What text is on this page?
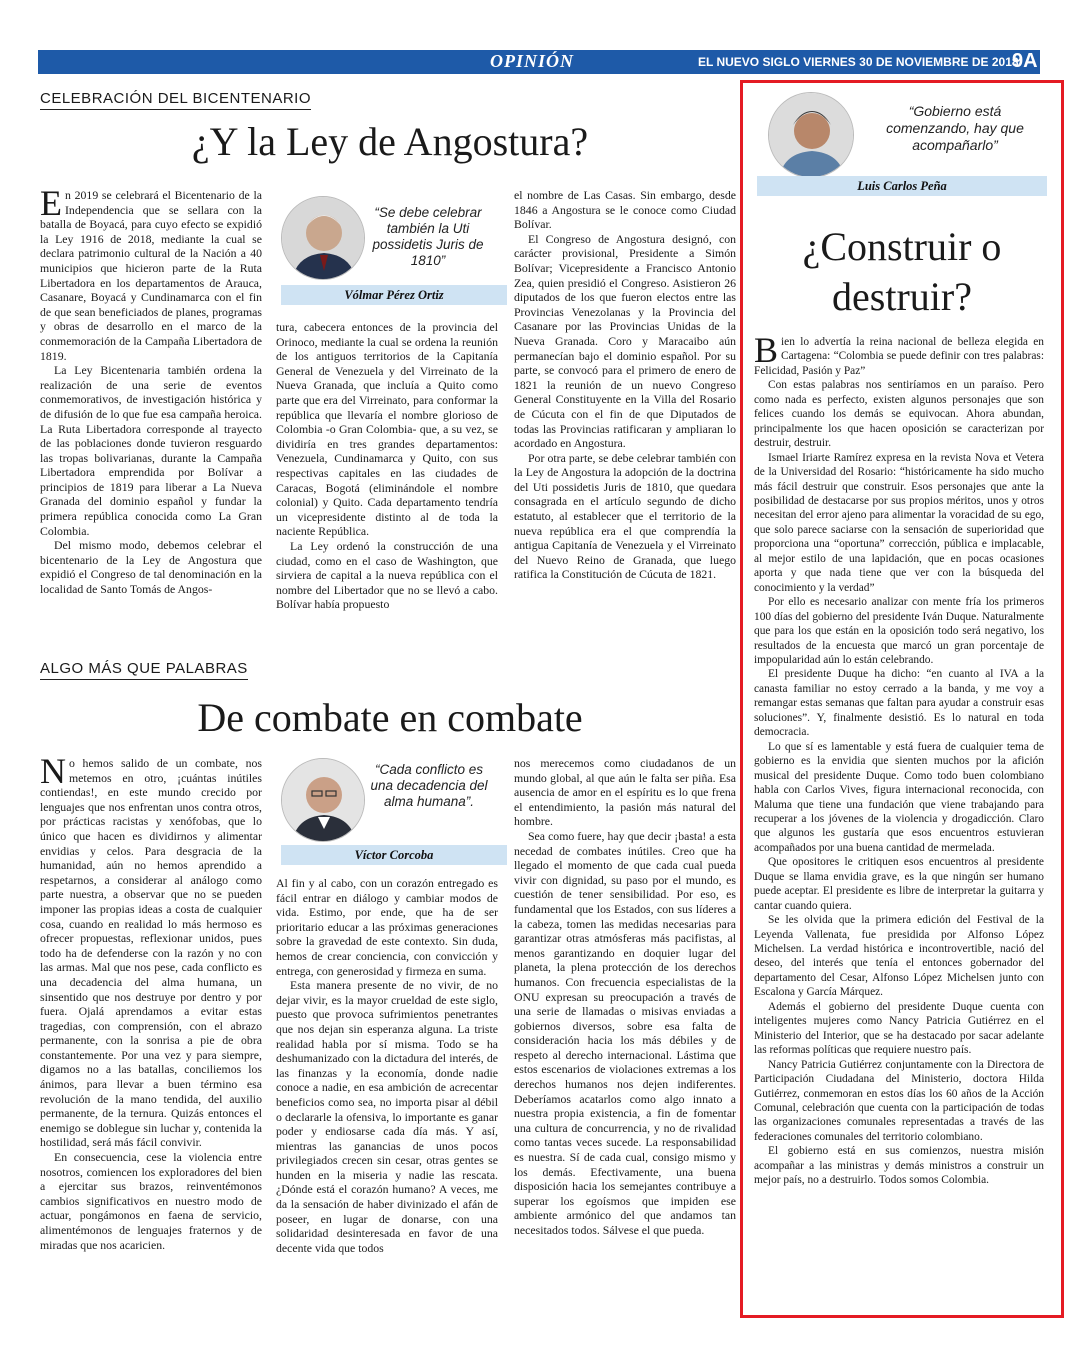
OPINIÓN	EL NUEVO SIGLO VIERNES 30 DE NOVIEMBRE DE 2018
9A
CELEBRACIÓN DEL BICENTENARIO
¿Y la Ley de Angostura?

En 2019 se celebrará el Bicentenario de la Independencia que se sellara con la batalla de Boyacá, para cuyo efecto se expidió la Ley 1916 de 2018, mediante la cual se declara patrimonio cultural de la Nación a 40 municipios que hicieron parte de la Ruta Libertadora en los departamentos de Arauca, Casanare, Boyacá y Cundinamarca con el fin de que sean beneficiados de planes, programas y obras de desarrollo en el marco de la conmemoración de la Campaña Libertadora de 1819.

La Ley Bicentenaria también ordena la realización de una serie de eventos conmemorativos, de investigación histórica y de difusión de lo que fue esa campaña heroica. La Ruta Libertadora corresponde al trayecto de las poblaciones donde tuvieron resguardo las tropas bolivarianas, durante la Campaña Libertadora emprendida por Bolívar a principios de 1819 para liberar a La Nueva Granada del dominio español y fundar la primera república conocida como La Gran Colombia.

Del mismo modo, debemos celebrar el bicentenario de la Ley de Angostura que expidió el Congreso de tal denominación en la localidad de Santo Tomás de Angos-

“Se debe celebrar también la Uti possidetis Juris de 1810”
Vólmar Pérez Ortiz

tura, cabecera entonces de la provincia del Orinoco, mediante la cual se ordena la reunión de los antiguos territorios de la Capitanía General de Venezuela y del Virreinato de la Nueva Granada, que incluía a Quito como parte que era del Virreinato, para conformar la república que llevaría el nombre glorioso de Colombia -o Gran Colombia- que, a su vez, se dividiría en tres grandes departamentos: Venezuela, Cundinamarca y Quito, con sus respectivas capitales en las ciudades de Caracas, Bogotá (eliminándole el nombre colonial) y Quito. Cada departamento tendría un vicepresidente distinto al de toda la naciente República.

La Ley ordenó la construcción de una ciudad, como en el caso de Washington, que sirviera de capital a la nueva república con el nombre del Libertador que no se llevó a cabo. Bolívar había propuesto

el nombre de Las Casas. Sin embargo, desde 1846 a Angostura se le conoce como Ciudad Bolívar.

El Congreso de Angostura designó, con carácter provisional, Presidente a Simón Bolívar; Vicepresidente a Francisco Antonio Zea, quien presidió el Congreso. Asistieron 26 diputados de los que fueron electos entre las Provincias Venezolanas y la Provincia del Casanare por las Provincias Unidas de la Nueva Granada. Coro y Maracaibo aún permanecían bajo el dominio español. Por su parte, se convocó para el primero de enero de 1821 la reunión de un nuevo Congreso General Constituyente en la Villa del Rosario de Cúcuta con el fin de que Diputados de todas las Provincias ratificaran y ampliaran lo acordado en Angostura.

Por otra parte, se debe celebrar también con la Ley de Angostura la adopción de la doctrina del Uti possidetis Juris de 1810, que quedara consagrada en el artículo segundo de dicho estatuto, al establecer que el territorio de la nueva república era el que comprendía la antigua Capitanía de Venezuela y el Virreinato del Nuevo Reino de Granada, que luego ratifica la Constitución de Cúcuta de 1821.

ALGO MÁS QUE PALABRAS
De combate en combate

No hemos salido de un combate, nos metemos en otro, ¡cuántas inútiles contiendas!, en este mundo crecido por lenguajes que nos enfrentan unos contra otros, por prácticas racistas y xenófobas, que lo único que hacen es dividirnos y alimentar envidias y celos. Para desgracia de la humanidad, aún no hemos aprendido a respetarnos, a considerar al análogo como parte nuestra, a observar que no se pueden imponer las propias ideas a costa de cualquier cosa, cuando en realidad lo más hermoso es ofrecer propuestas, reflexionar unidos, pues todo ha de defenderse con la razón y no con las armas. Mal que nos pese, cada conflicto es una decadencia del alma humana, un sinsentido que nos destruye por dentro y por fuera. Ojalá aprendamos a evitar estas tragedias, con comprensión, con el abrazo permanente, con la sonrisa a pie de obra constantemente. Por una vez y para siempre, digamos no a las batallas, conciliemos los ánimos, para llevar a buen término esa revolución de la mano tendida, del auxilio permanente, de la ternura. Quizás entonces el enemigo se doblegue sin luchar y, contenida la hostilidad, será más fácil convivir.

En consecuencia, cese la violencia entre nosotros, comiencen los exploradores del bien a ejercitar sus brazos, reinventémonos cambios significativos en nuestro modo de actuar, pongámonos en faena de servicio, alimentémonos de lenguajes fraternos y de miradas que nos acaricien.

“Cada conflicto es una decadencia del alma humana”.
Víctor Corcoba

Al fin y al cabo, con un corazón entregado es fácil entrar en diálogo y cambiar modos de vida. Estimo, por ende, que ha de ser prioritario educar a las próximas generaciones sobre la gravedad de este contexto. Sin duda, hemos de crear conciencia, con convicción y entrega, con generosidad y firmeza en suma.

Esta manera presente de no vivir, de no dejar vivir, es la mayor crueldad de este siglo, puesto que provoca sufrimientos penetrantes que nos dejan sin esperanza alguna. La triste realidad habla por sí misma. Todo se ha deshumanizado con la dictadura del interés, de las finanzas y la economía, donde nadie conoce a nadie, en esa ambición de acrecentar beneficios como sea, no importa pisar al débil o declararle la ofensiva, lo importante es ganar poder y endiosarse cada día más. Y así, mientras las ganancias de unos pocos privilegiados crecen sin cesar, otras gentes se hunden en la miseria y nadie las rescata. ¿Dónde está el corazón humano? A veces, me da la sensación de haber divinizado el afán de poseer, en lugar de donarse, con una solidaridad desinteresada en favor de una decente vida que todos

nos merecemos como ciudadanos de un mundo global, al que aún le falta ser piña. Esa ausencia de amor en el espíritu es lo que frena el entendimiento, la pasión más natural del hombre.

Sea como fuere, hay que decir ¡basta! a esta necedad de combates inútiles. Creo que ha llegado el momento de que cada cual pueda vivir con dignidad, su paso por el mundo, es cuestión de tener sensibilidad. Por eso, es fundamental que los Estados, con sus líderes a la cabeza, tomen las medidas necesarias para garantizar otras atmósferas más pacifistas, al menos garantizando en doquier lugar del planeta, la plena protección de los derechos humanos. Con frecuencia especialistas de la ONU expresan su preocupación a través de una serie de llamadas o misivas enviadas a gobiernos diversos, sobre esa falta de consideración hacia los más débiles y de respeto al derecho internacional. Lástima que estos escenarios de violaciones extremas a los derechos humanos nos dejen indiferentes. Deberíamos acatarlos como algo innato a nuestra propia existencia, a fin de fomentar una cultura de concurrencia, y no de rivalidad como tantas veces sucede. La responsabilidad es nuestra. Sí de cada cual, consigo mismo y los demás. Efectivamente, una buena disposición hacia los semejantes contribuye a superar los egoísmos que impiden ese ambiente armónico del que andamos tan necesitados todos. Sálvese el que pueda.

“Gobierno está comenzando, hay que acompañarlo”
Luis Carlos Peña
¿Construir o destruir?

Bien lo advertía la reina nacional de belleza elegida en Cartagena: “Colombia se puede definir con tres palabras: Felicidad, Pasión y Paz”

Con estas palabras nos sentiríamos en un paraíso. Pero como nada es perfecto, existen algunos personajes que son felices cuando los demás se equivocan. Ahora abundan, principalmente los que hacen oposición se caracterizan por destruir, destruir.

Ismael Iriarte Ramírez expresa en la revista Nova et Vetera de la Universidad del Rosario: “históricamente ha sido mucho más fácil destruir que construir. Esos personajes que ante la posibilidad de destacarse por sus propios méritos, unos y otros necesitan del error ajeno para alimentar la voracidad de su ego, que solo parece saciarse con la sensación de superioridad que proporciona una “oportuna” corrección, pública e implacable, al mejor estilo de una lapidación, que en pocas ocasiones aporta y que nada tiene que ver con la búsqueda del conocimiento y la verdad”

Por ello es necesario analizar con mente fría los primeros 100 días del gobierno del presidente Iván Duque. Naturalmente que para los que están en la oposición todo será negativo, los resultados de la encuesta que marcó un gran porcentaje de impopularidad aún lo están celebrando.

El presidente Duque ha dicho: “en cuanto al IVA a la canasta familiar no estoy cerrado a la banda, y me voy a remangar estas semanas que faltan para ayudar a construir esas soluciones”. Y, finalmente desistió. Es lo natural en toda democracia.

Lo que sí es lamentable y está fuera de cualquier tema de gobierno es la envidia que sienten muchos por la afición musical del presidente Duque. Como todo buen colombiano habla con Carlos Vives, figura internacional reconocida, con Maluma que tiene una fundación que viene trabajando para recuperar a los jóvenes de la violencia y drogadicción. Claro que algunos les gustaría que esos encuentros estuvieran acompañados por una buena cantidad de mermelada.

Que opositores le critiquen esos encuentros al presidente Duque se llama envidia grave, es la que ningún ser humano puede aceptar. El presidente es libre de interpretar la guitarra y cantar cuando quiera.

Se les olvida que la primera edición del Festival de la Leyenda Vallenata, fue presidida por Alfonso López Michelsen. La verdad histórica e incontrovertible, nació del deseo, del interés que tenía el entonces gobernador del departamento del Cesar, Alfonso López Michelsen junto con Escalona y García Márquez.

Además el gobierno del presidente Duque cuenta con inteligentes mujeres como Nancy Patricia Gutiérrez en el Ministerio del Interior, que se ha destacado por sacar adelante las reformas políticas que requiere nuestro país.

Nancy Patricia Gutiérrez conjuntamente con la Directora de Participación Ciudadana del Ministerio, doctora Hilda Gutiérrez, conmemoran en estos días los 60 años de la Acción Comunal, celebración que cuenta con la participación de todas las organizaciones comunales representadas a través de las federaciones comunales del territorio colombiano.

El gobierno está en sus comienzos, nuestra misión acompañar a las ministras y demás ministros a construir un mejor país, no a destruirlo. Todos somos Colombia.
